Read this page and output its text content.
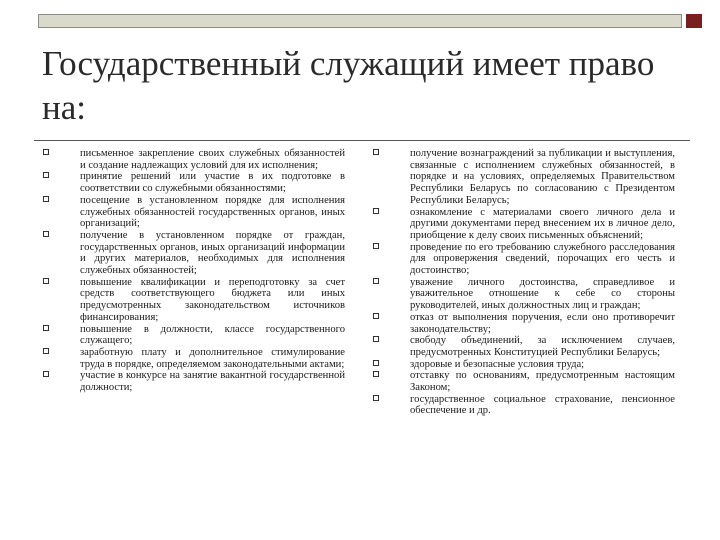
Государственный служащий имеет право на:
письменное закрепление своих служебных обязанностей и создание надлежащих условий для их исполнения;
принятие решений или участие в их подготовке в соответствии со служебными обязанностями;
посещение в установленном порядке для исполнения служебных обязанностей государственных органов, иных организаций;
получение в установленном порядке от граждан, государственных органов, иных организаций информации и других материалов, необходимых для исполнения служебных обязанностей;
повышение квалификации и переподготовку за счет средств соответствующего бюджета или иных предусмотренных законодательством источников финансирования;
повышение в должности, классе государственного служащего;
заработную плату и дополнительное стимулирование труда в порядке, определяемом законодательными актами;
участие в конкурсе на занятие вакантной государственной должности;
получение вознаграждений за публикации и выступления, связанные с исполнением служебных обязанностей, в порядке и на условиях, определяемых Правительством Республики Беларусь по согласованию с Президентом Республики Беларусь;
ознакомление с материалами своего личного дела и другими документами перед внесением их в личное дело, приобщение к делу своих письменных объяснений;
проведение по его требованию служебного расследования для опровержения сведений, порочащих его честь и достоинство;
уважение личного достоинства, справедливое и уважительное отношение к себе со стороны руководителей, иных должностных лиц и граждан;
отказ от выполнения поручения, если оно противоречит законодательству;
свободу объединений, за исключением случаев, предусмотренных Конституцией Республики Беларусь;
здоровые и безопасные условия труда;
отставку по основаниям, предусмотренным настоящим Законом;
государственное социальное страхование, пенсионное обеспечение и др.
